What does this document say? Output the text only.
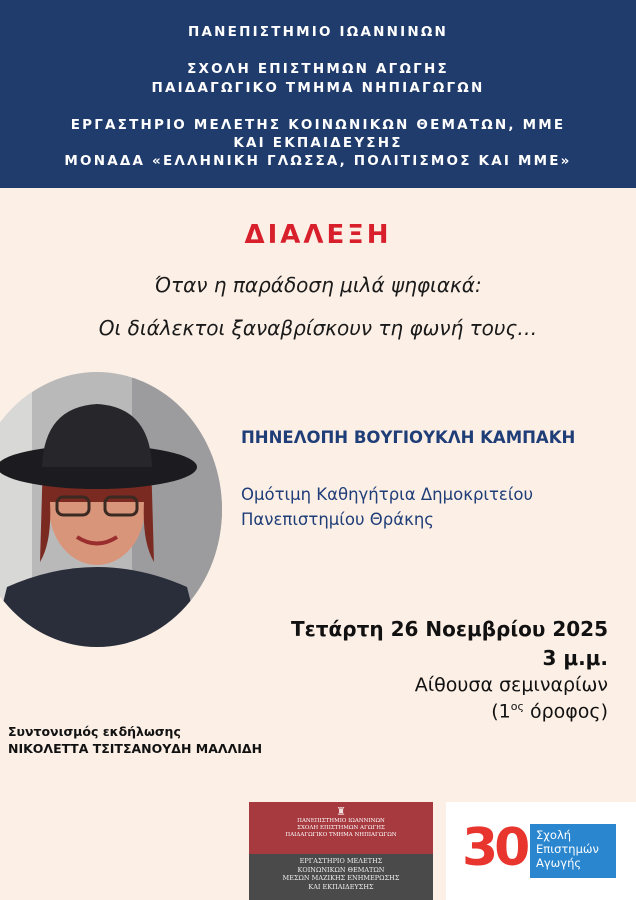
ΠΑΝΕΠΙΣΤΗΜΙΟ ΙΩΑΝΝΙΝΩΝ
ΣΧΟΛΗ ΕΠΙΣΤΗΜΩΝ ΑΓΩΓΗΣ
ΠΑΙΔΑΓΩΓΙΚΟ ΤΜΗΜΑ ΝΗΠΙΑΓΩΓΩΝ
ΕΡΓΑΣΤΗΡΙΟ ΜΕΛΕΤΗΣ ΚΟΙΝΩΝΙΚΩΝ ΘΕΜΑΤΩΝ, ΜΜΕ
ΚΑΙ ΕΚΠΑΙΔΕΥΣΗΣ
ΜΟΝΑΔΑ «ΕΛΛΗΝΙΚΗ ΓΛΩΣΣΑ, ΠΟΛΙΤΙΣΜΟΣ ΚΑΙ ΜΜΕ»
ΔΙΑΛΕΞΗ
Όταν η παράδοση μιλά ψηφιακά:
Οι διάλεκτοι ξαναβρίσκουν τη φωνή τους…
ΠΗΝΕΛΟΠΗ ΒΟΥΓΙΟΥΚΛΗ ΚΑΜΠΑΚΗ
Ομότιμη Καθηγήτρια Δημοκριτείου
Πανεπιστημίου Θράκης
Τετάρτη 26 Νοεμβρίου 2025
3 μ.μ.
Αίθουσα σεμιναρίων
($1^{o\varsigma}$ όροφος)
Συντονισμός εκδήλωσης
ΝΙΚΟΛΕΤΤΑ ΤΣΙΤΣΑΝΟΥΔΗ ΜΑΛΛΙΔΗ
♜
ΠΑΝΕΠΙΣΤΗΜΙΟ ΙΩΑΝΝΙΝΩΝ
ΣΧΟΛΗ ΕΠΙΣΤΗΜΩΝ ΑΓΩΓΗΣ
ΠΑΙΔΑΓΩΓΙΚΟ ΤΜΗΜΑ ΝΗΠΙΑΓΩΓΩΝ
ΕΡΓΑΣΤΗΡΙΟ ΜΕΛΕΤΗΣ
ΚΟΙΝΩΝΙΚΩΝ ΘΕΜΑΤΩΝ
ΜΕΣΩΝ ΜΑΖΙΚΗΣ ΕΝΗΜΕΡΩΣΗΣ
ΚΑΙ ΕΚΠΑΙΔΕΥΣΗΣ
30 Σχολή
Επιστημών
Αγωγής
